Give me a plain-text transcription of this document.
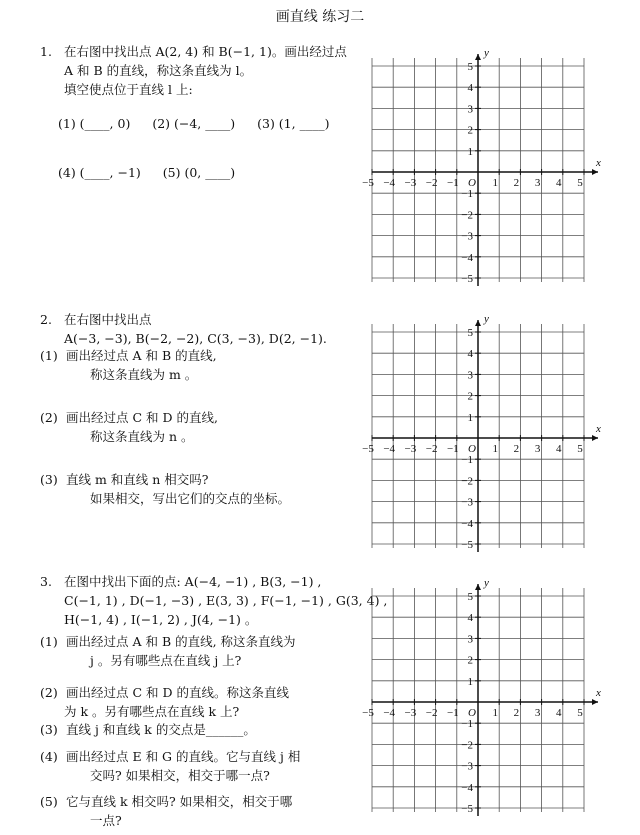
画直线 练习二
1. 在右图中找出点 A(2, 4) 和 B(−1, 1)。画出经过点
A 和 B 的直线，称这条直线为 l。
填空使点位于直线 l 上:
(1) (____, 0) (2) (−4, ____) (3) (1, ____)
(4) (____, −1) (5) (0, ____)
2. 在右图中找出点
A(−3, −3), B(−2, −2), C(3, −3), D(2, −1).
(1) 画出经过点 A 和 B 的直线,
称这条直线为 m 。
(2) 画出经过点 C 和 D 的直线,
称这条直线为 n 。
(3) 直线 m 和直线 n 相交吗?
如果相交，写出它们的交点的坐标。
3. 在图中找出下面的点: A(−4, −1) , B(3, −1) ,
C(−1, 1) , D(−1, −3) , E(3, 3) , F(−1, −1) , G(3, 4) ,
H(−1, 4) , I(−1, 2) , J(4, −1) 。
(1) 画出经过点 A 和 B 的直线, 称这条直线为
j 。另有哪些点在直线 j 上?
(2) 画出经过点 C 和 D 的直线。称这条直线
为 k 。另有哪些点在直线 k 上?
(3) 直线 j 和直线 k 的交点是______。
(4) 画出经过点 E 和 G 的直线。它与直线 j 相
交吗? 如果相交，相交于哪一点?
(5) 它与直线 k 相交吗? 如果相交，相交于哪
一点?
−5 −4 −3 −2 −1	1 2 3 4 5
5
4
3
2
1
−1
−2
−3
−4
−5
O
x
y
−5 −4 −3 −2 −1	1 2 3 4 5
5
4
3
2
1
−1
−2
−3
−4
−5
O
x
y
−5 −4 −3 −2 −1	1 2 3 4 5
5
4
3
2
1
−1
−2
−3
−4
−5
O
x
y
